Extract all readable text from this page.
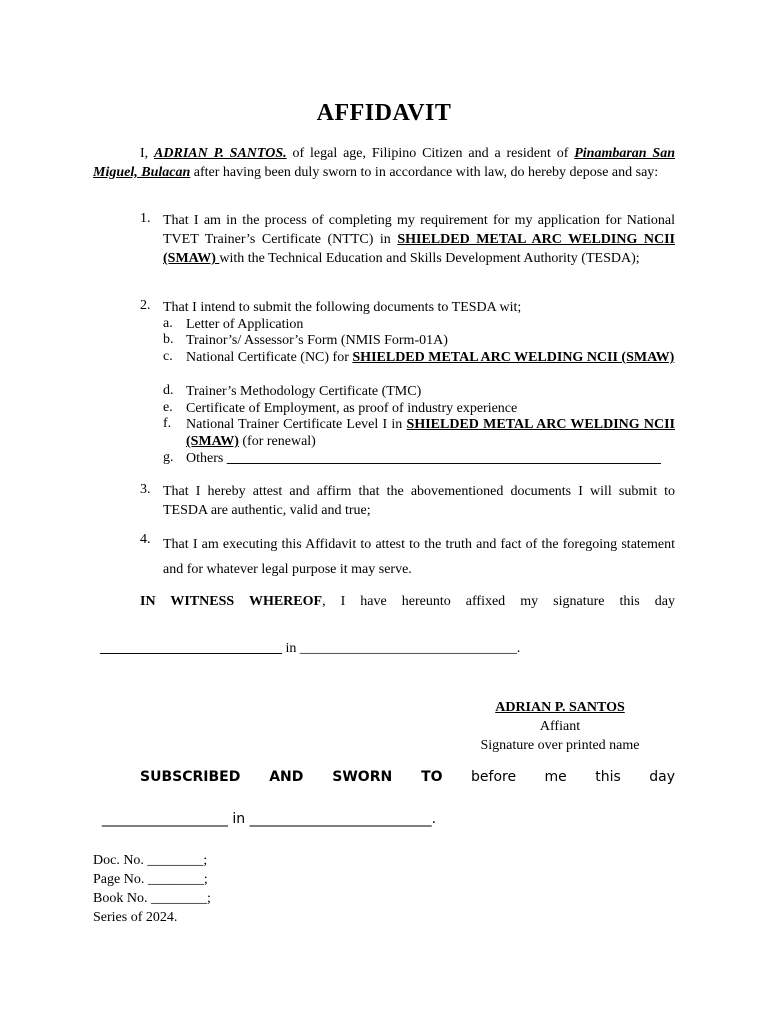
AFFIDAVIT
I, ADRIAN P. SANTOS. of legal age, Filipino Citizen and a resident of Pinambaran San Miguel, Bulacan after having been duly sworn to in accordance with law, do hereby depose and say:
1. That I am in the process of completing my requirement for my application for National TVET Trainer’s Certificate (NTTC) in SHIELDED METAL ARC WELDING NCII (SMAW) with the Technical Education and Skills Development Authority (TESDA);
2. That I intend to submit the following documents to TESDA wit;
a. Letter of Application
b. Trainor’s/ Assessor’s Form (NMIS Form-01A)
c. National Certificate (NC) for SHIELDED METAL ARC WELDING NCII (SMAW)
d. Trainer’s Methodology Certificate (TMC)
e. Certificate of Employment, as proof of industry experience
f. National Trainer Certificate Level I in SHIELDED METAL ARC WELDING NCII (SMAW) (for renewal)
g. Others ______________________________________________________________
3. That I hereby attest and affirm that the abovementioned documents I will submit to TESDA are authentic, valid and true;
4. That I am executing this Affidavit to attest to the truth and fact of the foregoing statement and for whatever legal purpose it may serve.
IN WITNESS WHEREOF, I have hereunto affixed my signature this day

__________________________ in _______________________________.

ADRIAN P. SANTOS
Affiant
Signature over printed name
SUBSCRIBED AND SWORN TO before me this day

__________________ in __________________________.

Doc. No. ________;
Page No. ________;
Book No. ________;
Series of 2024.
